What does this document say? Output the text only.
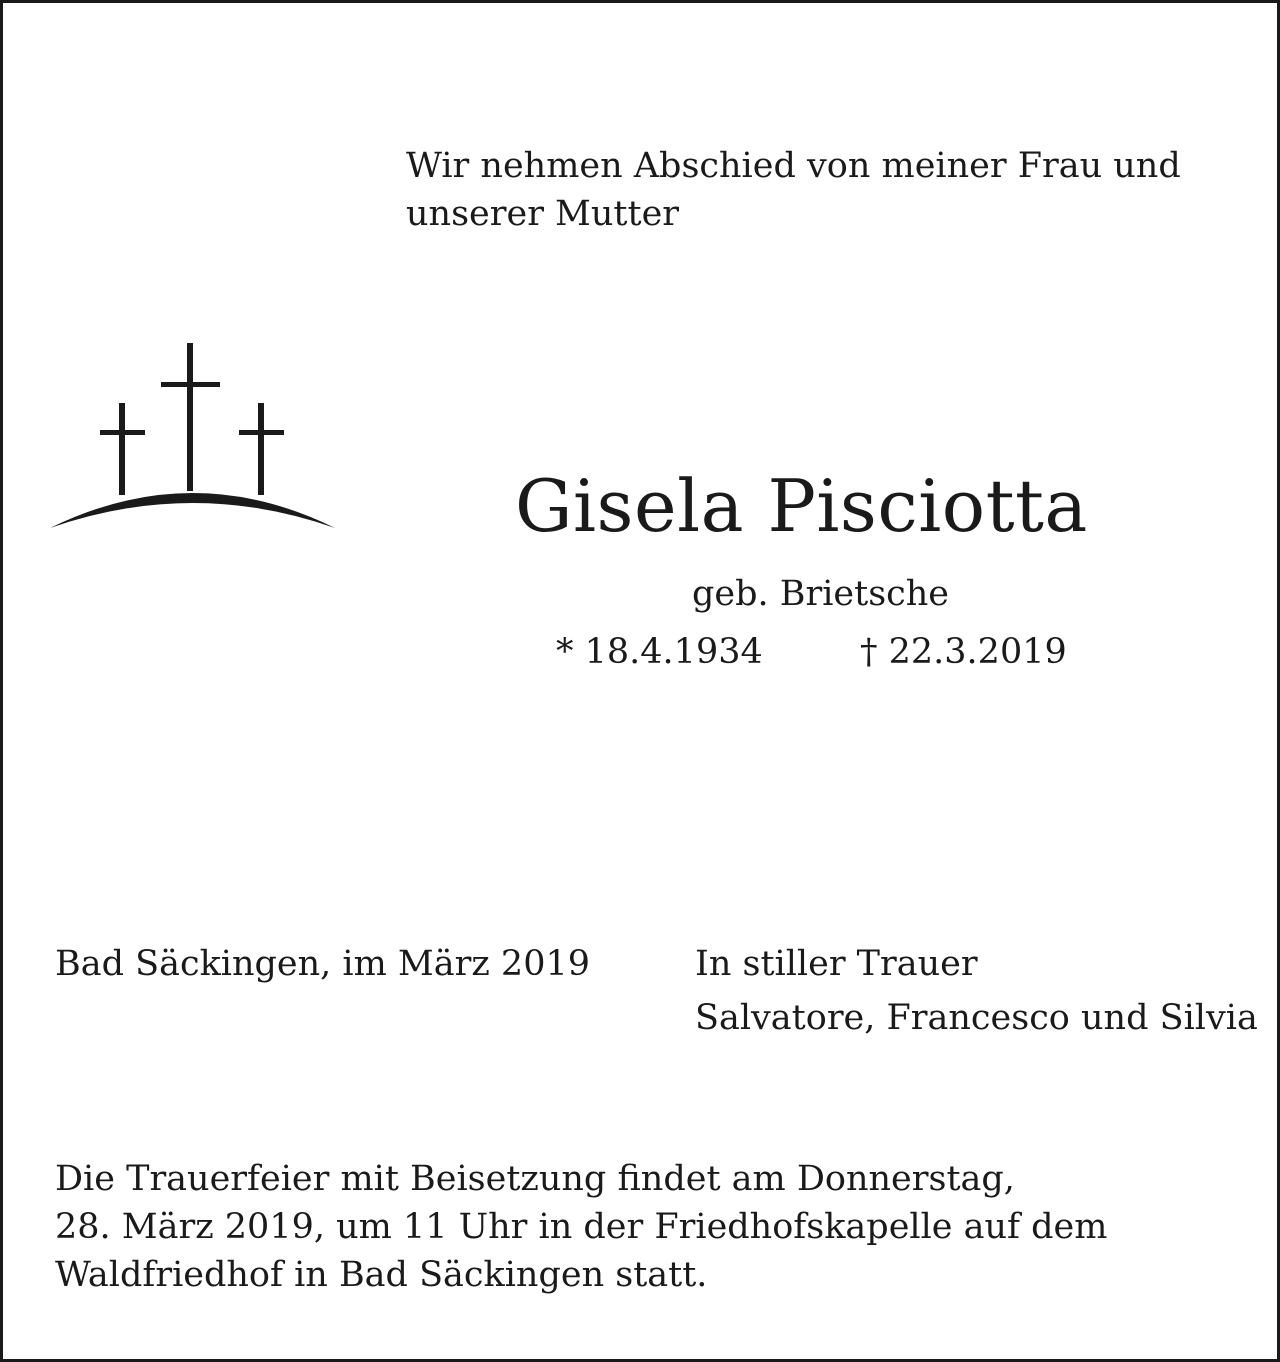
Wir nehmen Abschied von meiner Frau und
unserer Mutter

Gisela Pisciotta

geb. Brietsche

* 18.4.1934	† 22.3.2019

Bad Säckingen, im März 2019	In stiller Trauer

Salvatore, Francesco und Silvia

Die Trauerfeier mit Beisetzung findet am Donnerstag,
28. März 2019, um 11 Uhr in der Friedhofskapelle auf dem
Waldfriedhof in Bad Säckingen statt.
